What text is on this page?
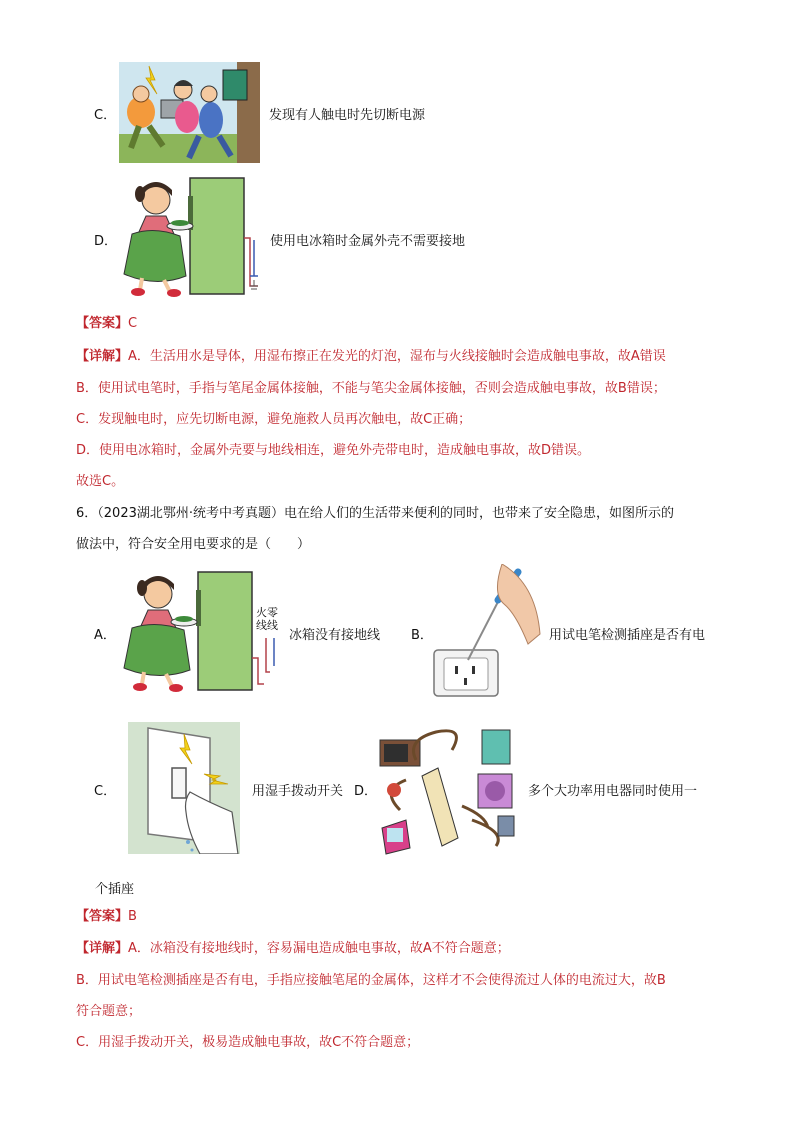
C．	发现有人触电时先切断电源
D．	使用电冰箱时金属外壳不需要接地
【答案】C
【详解】A．生活用水是导体，用湿布擦正在发光的灯泡，湿布与火线接触时会造成触电事故，故A错误
B．使用试电笔时，手指与笔尾金属体接触，不能与笔尖金属体接触，否则会造成触电事故，故B错误；
C．发现触电时，应先切断电源，避免施救人员再次触电，故C正确；
D．使用电冰箱时，金属外壳要与地线相连，避免外壳带电时，造成触电事故，故D错误。
故选C。
6．（2023湖北鄂州·统考中考真题）电在给人们的生活带来便利的同时，也带来了安全隐患，如图所示的
做法中，符合安全用电要求的是（　　）
A．
火零
线线
冰箱没有接地线 B．	用试电笔检测插座是否有电
C．	用湿手拨动开关 D．	多个大功率用电器同时使用一
个插座
【答案】B
【详解】A．冰箱没有接地线时，容易漏电造成触电事故，故A不符合题意；
B．用试电笔检测插座是否有电，手指应接触笔尾的金属体，这样才不会使得流过人体的电流过大，故B
符合题意；
C．用湿手拨动开关，极易造成触电事故，故C不符合题意；
